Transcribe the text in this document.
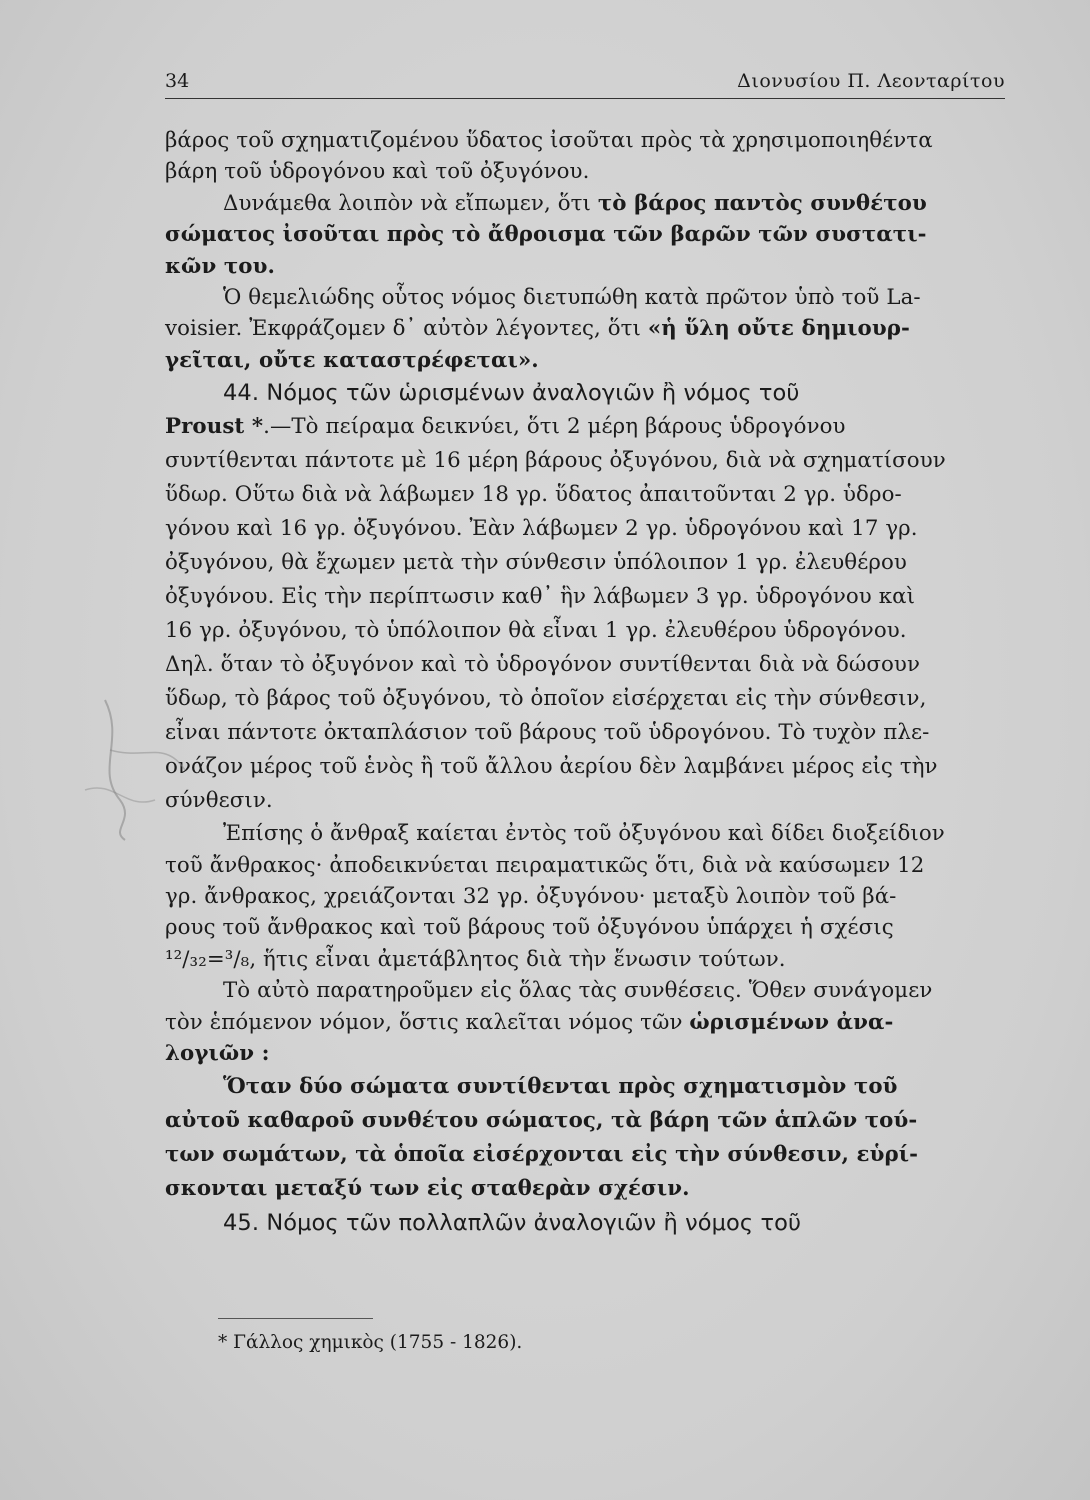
34	Διονυσίου Π. Λεονταρίτου

βάρος τοῦ σχηματιζομένου ὕδατος ἰσοῦται πρὸς τὰ χρησιμοποιηθέντα
βάρη τοῦ ὑδρογόνου καὶ τοῦ ὀξυγόνου.

Δυνάμεθα λοιπὸν νὰ εἴπωμεν, ὅτι τὸ βάρος παντὸς συνθέτου
σώματος ἰσοῦται πρὸς τὸ ἄθροισμα τῶν βαρῶν τῶν συστατι-
κῶν του.

Ὁ θεμελιώδης οὗτος νόμος διετυπώθη κατὰ πρῶτον ὑπὸ τοῦ La-
voisier. Ἐκφράζομεν δ᾿ αὐτὸν λέγοντες, ὅτι «ἡ ὕλη οὔτε δημιουρ-
γεῖται, οὔτε καταστρέφεται».

44. Νόμος τῶν ὡρισμένων ἀναλογιῶν ἢ νόμος τοῦ
Proust *.—Τὸ πείραμα δεικνύει, ὅτι 2 μέρη βάρους ὑδρογόνου
συντίθενται πάντοτε μὲ 16 μέρη βάρους ὀξυγόνου, διὰ νὰ σχηματίσουν
ὕδωρ. Οὕτω διὰ νὰ λάβωμεν 18 γρ. ὕδατος ἀπαιτοῦνται 2 γρ. ὑδρο-
γόνου καὶ 16 γρ. ὀξυγόνου. Ἐὰν λάβωμεν 2 γρ. ὑδρογόνου καὶ 17 γρ.
ὀξυγόνου, θὰ ἔχωμεν μετὰ τὴν σύνθεσιν ὑπόλοιπον 1 γρ. ἐλευθέρου
ὀξυγόνου. Εἰς τὴν περίπτωσιν καθ᾿ ἣν λάβωμεν 3 γρ. ὑδρογόνου καὶ
16 γρ. ὀξυγόνου, τὸ ὑπόλοιπον θὰ εἶναι 1 γρ. ἐλευθέρου ὑδρογόνου.
Δηλ. ὅταν τὸ ὀξυγόνον καὶ τὸ ὑδρογόνον συντίθενται διὰ νὰ δώσουν
ὕδωρ, τὸ βάρος τοῦ ὀξυγόνου, τὸ ὁποῖον εἰσέρχεται εἰς τὴν σύνθεσιν,
εἶναι πάντοτε ὀκταπλάσιον τοῦ βάρους τοῦ ὑδρογόνου. Τὸ τυχὸν πλε-
ονάζον μέρος τοῦ ἑνὸς ἢ τοῦ ἄλλου ἀερίου δὲν λαμβάνει μέρος εἰς τὴν
σύνθεσιν.

Ἐπίσης ὁ ἄνθραξ καίεται ἐντὸς τοῦ ὀξυγόνου καὶ δίδει διοξείδιον
τοῦ ἄνθρακος· ἀποδεικνύεται πειραματικῶς ὅτι, διὰ νὰ καύσωμεν 12
γρ. ἄνθρακος, χρειάζονται 32 γρ. ὀξυγόνου· μεταξὺ λοιπὸν τοῦ βά-
ρους τοῦ ἄνθρακος καὶ τοῦ βάρους τοῦ ὀξυγόνου ὑπάρχει ἡ σχέσις
¹²/₃₂=³/₈, ἥτις εἶναι ἀμετάβλητος διὰ τὴν ἕνωσιν τούτων.

Τὸ αὐτὸ παρατηροῦμεν εἰς ὅλας τὰς συνθέσεις. Ὅθεν συνάγομεν
τὸν ἑπόμενον νόμον, ὅστις καλεῖται νόμος τῶν ὡρισμένων ἀνα-
λογιῶν :

Ὅταν δύο σώματα συντίθενται πρὸς σχηματισμὸν τοῦ
αὐτοῦ καθαροῦ συνθέτου σώματος, τὰ βάρη τῶν ἁπλῶν τού-
των σωμάτων, τὰ ὁποῖα εἰσέρχονται εἰς τὴν σύνθεσιν, εὑρί-
σκονται μεταξύ των εἰς σταθερὰν σχέσιν.

45. Νόμος τῶν πολλαπλῶν ἀναλογιῶν ἢ νόμος τοῦ

* Γάλλος χημικὸς (1755 - 1826).
